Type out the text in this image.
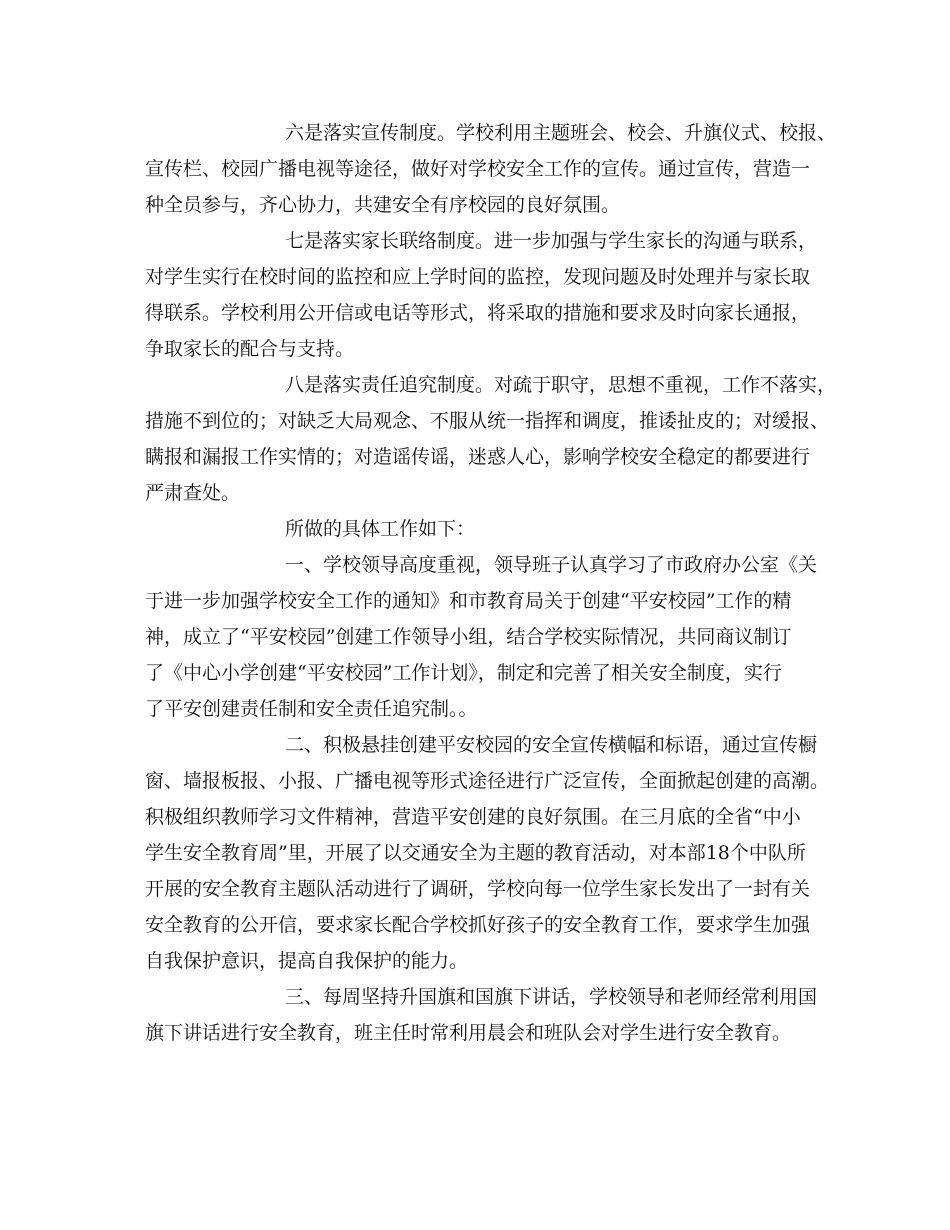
六是落实宣传制度。学校利用主题班会、校会、升旗仪式、校报、
宣传栏、校园广播电视等途径，做好对学校安全工作的宣传。通过宣传，营造一
种全员参与，齐心协力，共建安全有序校园的良好氛围。
七是落实家长联络制度。进一步加强与学生家长的沟通与联系，
对学生实行在校时间的监控和应上学时间的监控，发现问题及时处理并与家长取
得联系。学校利用公开信或电话等形式，将采取的措施和要求及时向家长通报，
争取家长的配合与支持。
八是落实责任追究制度。对疏于职守，思想不重视，工作不落实，
措施不到位的；对缺乏大局观念、不服从统一指挥和调度，推诿扯皮的；对缓报、
瞒报和漏报工作实情的；对造谣传谣，迷惑人心，影响学校安全稳定的都要进行
严肃查处。
所做的具体工作如下：
一、学校领导高度重视，领导班子认真学习了市政府办公室《关
于进一步加强学校安全工作的通知》和市教育局关于创建“平安校园”工作的精
神，成立了“平安校园”创建工作领导小组，结合学校实际情况，共同商议制订
了《中心小学创建“平安校园”工作计划》，制定和完善了相关安全制度，实行
了平安创建责任制和安全责任追究制。。
二、积极悬挂创建平安校园的安全宣传横幅和标语，通过宣传橱
窗、墙报板报、小报、广播电视等形式途径进行广泛宣传，全面掀起创建的高潮。
积极组织教师学习文件精神，营造平安创建的良好氛围。在三月底的全省“中小
学生安全教育周”里，开展了以交通安全为主题的教育活动，对本部18个中队所
开展的安全教育主题队活动进行了调研，学校向每一位学生家长发出了一封有关
安全教育的公开信，要求家长配合学校抓好孩子的安全教育工作，要求学生加强
自我保护意识，提高自我保护的能力。
三、每周坚持升国旗和国旗下讲话，学校领导和老师经常利用国
旗下讲话进行安全教育，班主任时常利用晨会和班队会对学生进行安全教育。
